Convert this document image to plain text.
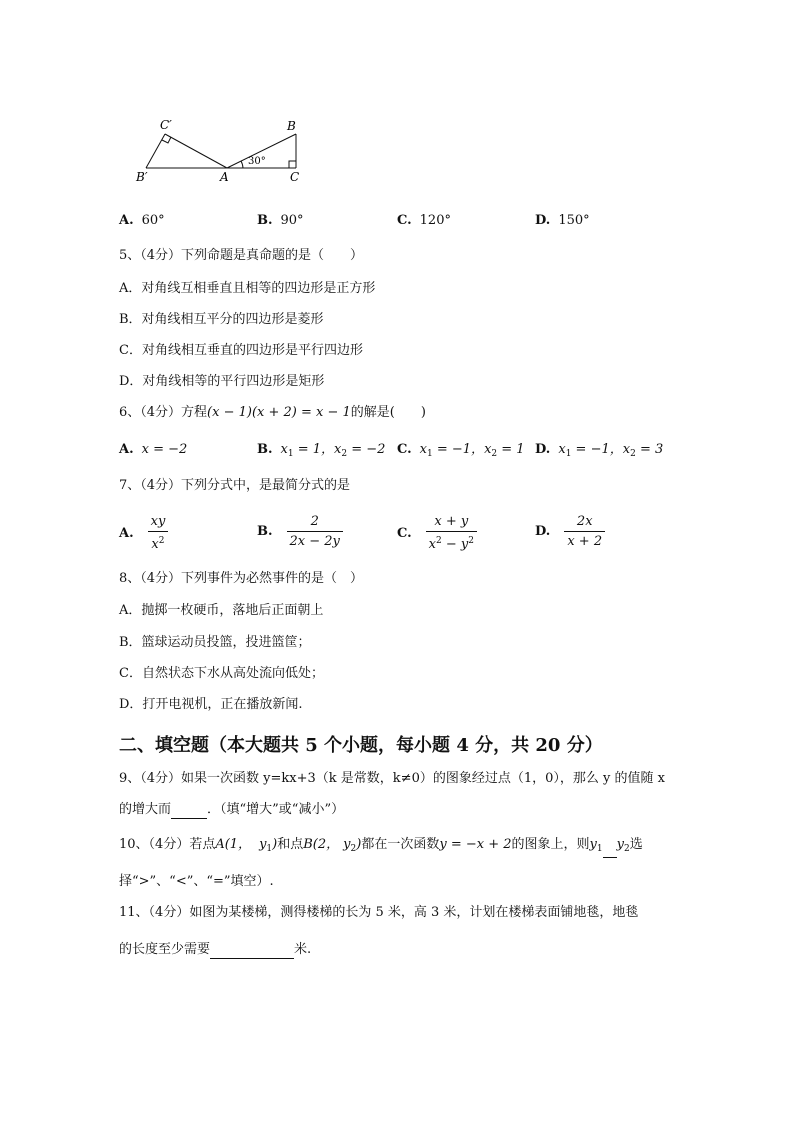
C′	B
30°
B′	A	C
A. 60°	B. 90°	C. 120°	D. 150°
5、（4分）下列命题是真命题的是（　　）
A．对角线互相垂直且相等的四边形是正方形
B．对角线相互平分的四边形是菱形
C．对角线相互垂直的四边形是平行四边形
D．对角线相等的平行四边形是矩形
6、（4分）方程(x − 1)(x + 2) = x − 1的解是(　　)
A. x = −2	B. $x_1 = 1$，$x_2 = -2$ C. $x_1 = -1$，$x_2 = 1$ D. $x_1 = -1$，$x_2 = 3$
7、（4分）下列分式中，是最简分式的是
A. $\frac{xy}{x^2}$	B. $\frac{2}{2x - 2y}$	C. $\frac{x + y}{x^2 - y^2}$	D. $\frac{2x}{x + 2}$
8、（4分）下列事件为必然事件的是（　）
A．抛掷一枚硬币，落地后正面朝上
B．篮球运动员投篮，投进篮筐；
C．自然状态下水从高处流向低处；
D．打开电视机，正在播放新闻.
二、填空题（本大题共 5 个小题，每小题 4 分，共 20 分）
9、（4分）如果一次函数 y=kx+3（k 是常数，k≠0）的图象经过点（1，0），那么 y 的值随 x
的增大而	．（填“增大”或“减小”）
10、（4分）若点A(1， $y_1$)和点B(2， $y_2$)都在一次函数y = −x + 2的图象上，则$y_1$ $y_2$选
择“>”、“<”、“=”填空）.
11、（4分）如图为某楼梯，测得楼梯的长为 5 米，高 3 米，计划在楼梯表面铺地毯，地毯
的长度至少需要	米.
